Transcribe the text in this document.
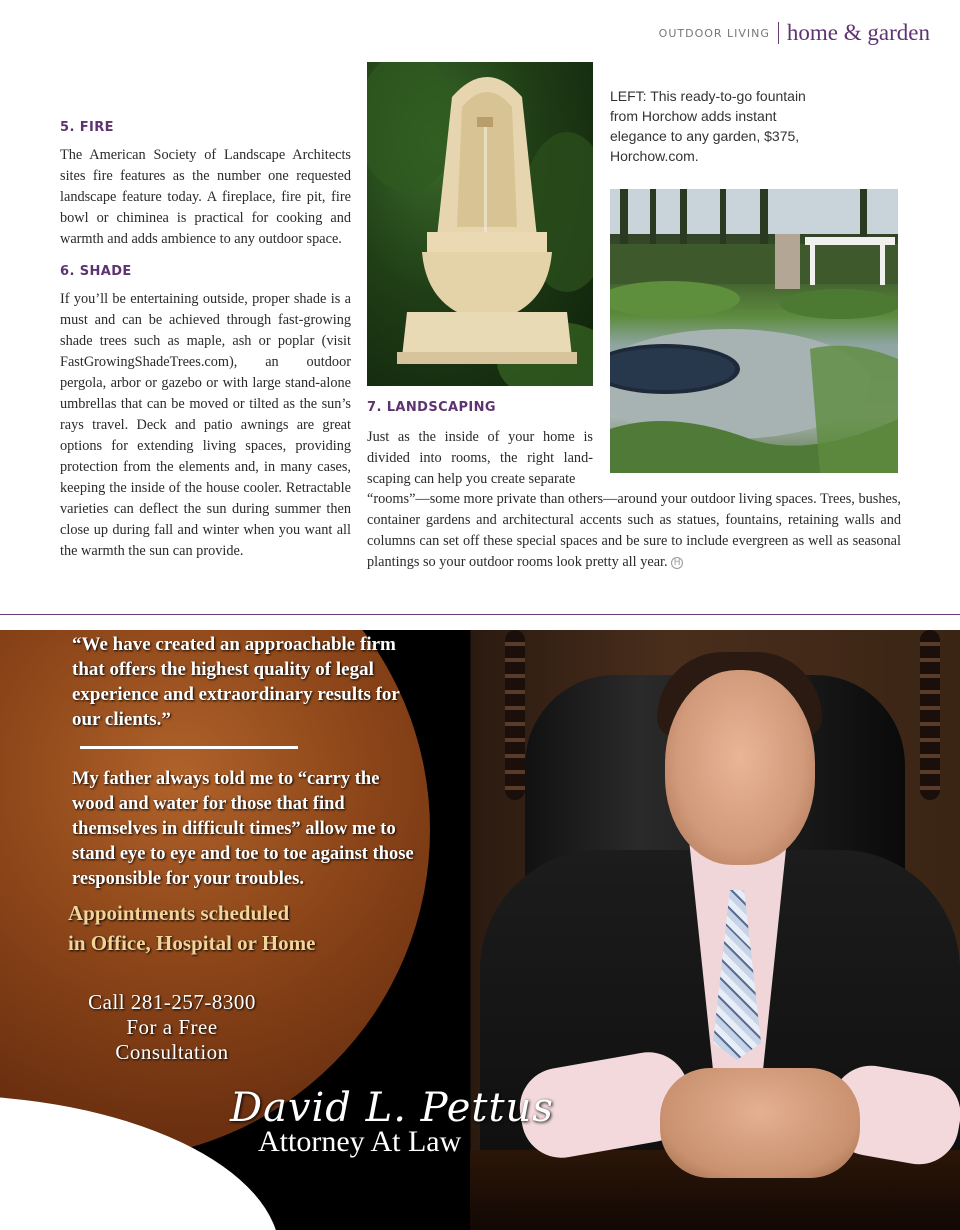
OUTDOOR LIVING home & garden
5. FIRE

The American Society of Landscape Architects sites fire features as the number one requested landscape feature today. A fireplace, fire pit, fire bowl or chiminea is practical for cooking and warmth and adds ambience to any outdoor space.

6. SHADE

If you’ll be entertaining outside, proper shade is a must and can be achieved through fast-growing shade trees such as maple, ash or poplar (visit FastGrowingShadeTrees.com), an outdoor pergola, arbor or gazebo or with large stand-alone umbrellas that can be moved or tilted as the sun’s rays travel. Deck and patio awnings are great options for extending living spaces, providing protection from the elements and, in many cases, keeping the inside of the house cooler. Retractable varieties can deflect the sun during summer then close up during fall and winter when you want all the warmth the sun can provide.

LEFT: This ready-to-go fountain from Horchow adds instant elegance to any garden, $375, Horchow.com.
7. LANDSCAPING

Just as the inside of your home is divided into rooms, the right land-scaping can help you create separate

“rooms”—some more private than others—around your outdoor living spaces. Trees, bushes, container gardens and architectural accents such as statues, fountains, retaining walls and columns can set off these special spaces and be sure to include evergreen as well as seasonal plantings so your outdoor rooms look pretty all year. H

“We have created an approachable firm that offers the highest quality of legal experience and extraordinary results for our clients.”
My father always told me to “carry the wood and water for those that find themselves in difficult times” allow me to stand eye to eye and toe to toe against those responsible for your troubles.
Appointments scheduled
in Office, Hospital or Home
Call 281-257-8300
For a Free
Consultation
David L. Pettus
Attorney At Law
